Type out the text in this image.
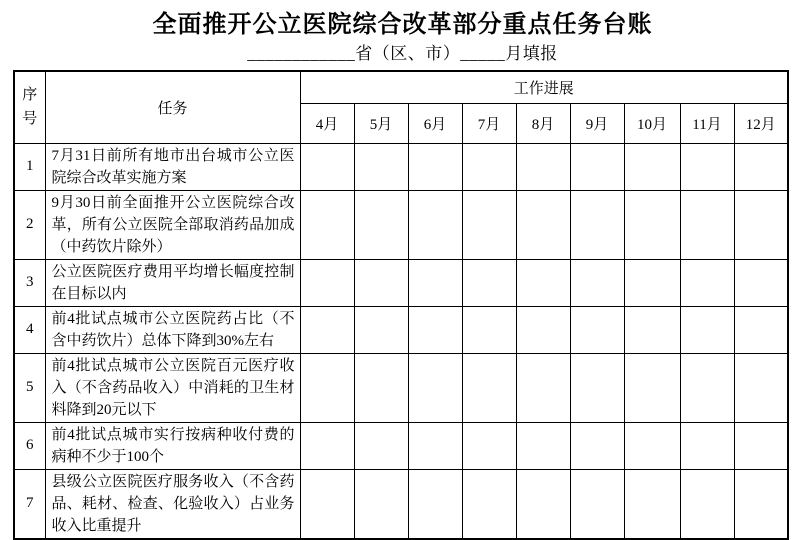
全面推开公立医院综合改革部分重点任务台账
____________省（区、市）_____月填报
序号	任务	工作进展								
		4月	5月	6月	7月	8月	9月	10月	11月	12月
1	7月31日前所有地市出台城市公立医院综合改革实施方案									
2	9月30日前全面推开公立医院综合改革，所有公立医院全部取消药品加成（中药饮片除外）									
3	公立医院医疗费用平均增长幅度控制在目标以内									
4	前4批试点城市公立医院药占比（不含中药饮片）总体下降到30%左右									
5	前4批试点城市公立医院百元医疗收入（不含药品收入）中消耗的卫生材料降到20元以下									
6	前4批试点城市实行按病种收付费的病种不少于100个									
7	县级公立医院医疗服务收入（不含药品、耗材、检查、化验收入）占业务收入比重提升									
